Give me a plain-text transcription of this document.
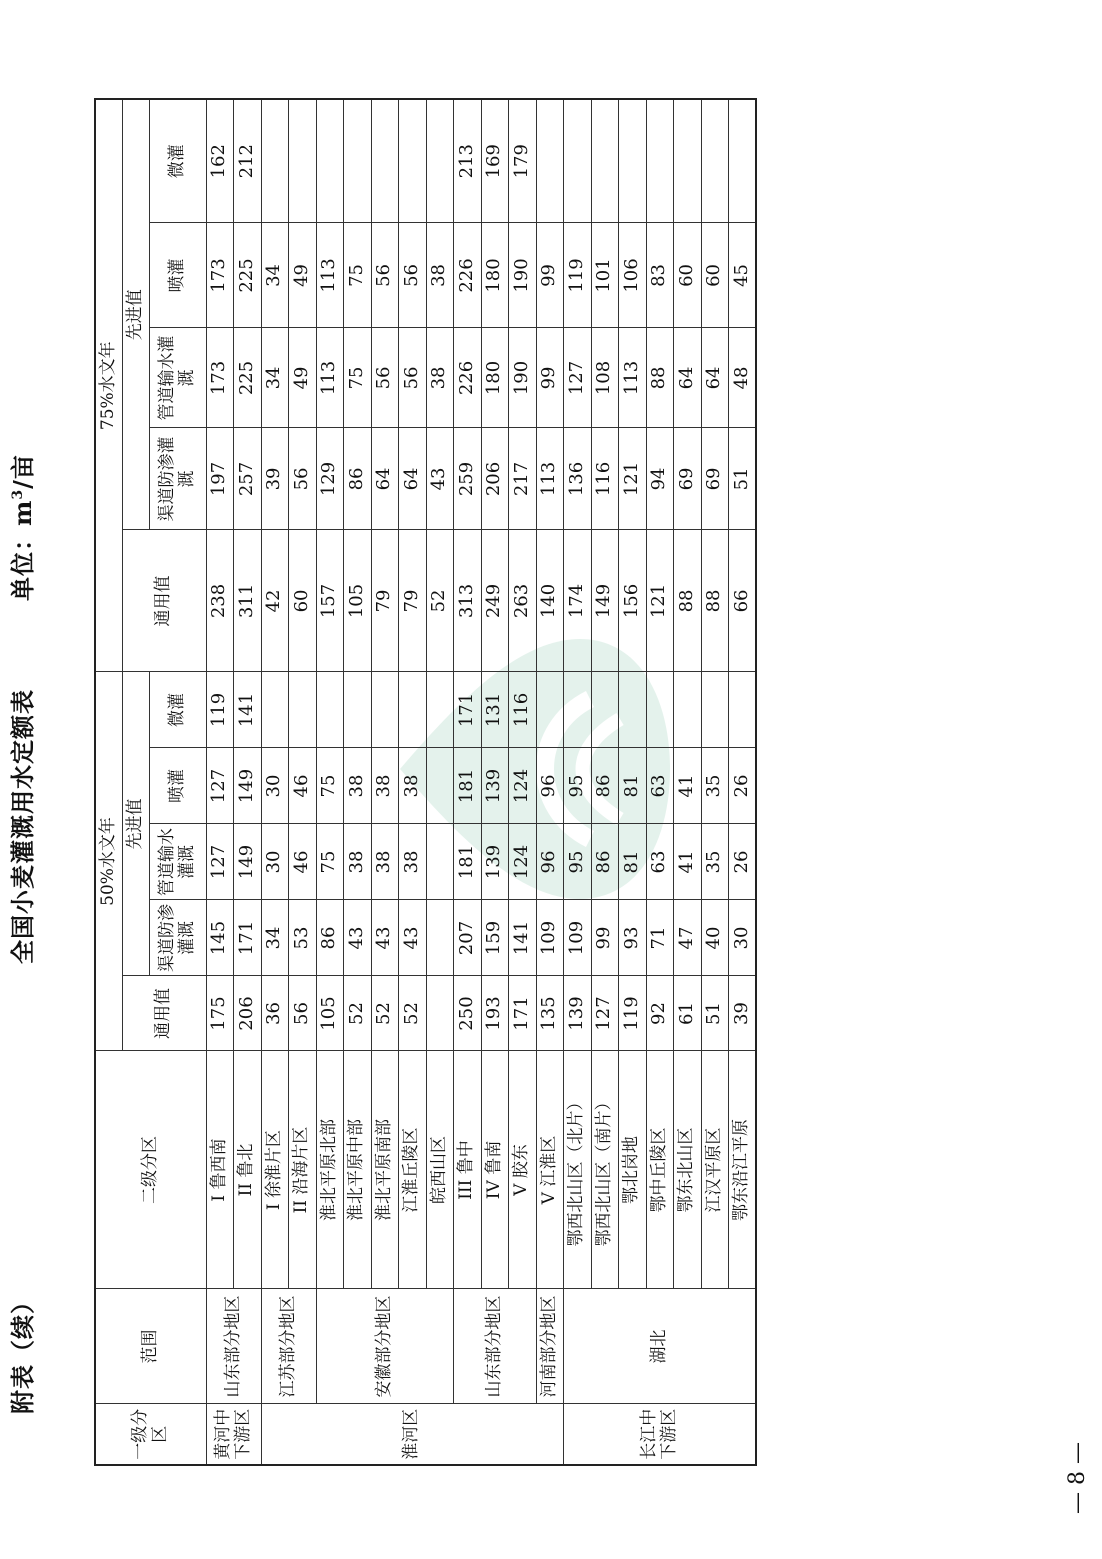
附表（续）
全国小麦灌溉用水定额表
单位：$m^3/$亩
一级分区	范围	二级分区	50%水文年					75%水文年				
			通用值	先进值				通用值	先进值			
				渠道防渗灌溉	管道输水灌溉	喷灌	微灌		渠道防渗灌溉	管道输水灌溉	喷灌	微灌
黄河中下游区	山东部分地区	I 鲁西南	175	145	127	127	119	238	197	173	173	162
		II 鲁北	206	171	149	149	141	311	257	225	225	212
淮河区	江苏部分地区	I 徐淮片区	36	34	30	30		42	39	34	34	
		II 沿海片区	56	53	46	46		60	56	49	49	
	安徽部分地区	淮北平原北部	105	86	75	75		157	129	113	113	
		淮北平原中部	52	43	38	38		105	86	75	75	
		淮北平原南部	52	43	38	38		79	64	56	56	
		江淮丘陵区	52	43	38	38		79	64	56	56	
		皖西山区						52	43	38	38	
	山东部分地区	III 鲁中	250	207	181	181	171	313	259	226	226	213
		IV 鲁南	193	159	139	139	131	249	206	180	180	169
		V 胶东	171	141	124	124	116	263	217	190	190	179
	河南部分地区	V 江淮区	135	109	96	96		140	113	99	99	
长江中下游区	湖北	鄂西北山区（北片）	139	109	95	95		174	136	127	119	
		鄂西北山区（南片）	127	99	86	86		149	116	108	101	
		鄂北岗地	119	93	81	81		156	121	113	106	
		鄂中丘陵区	92	71	63	63		121	94	88	83	
		鄂东北山区	61	47	41	41		88	69	64	60	
		江汉平原区	51	40	35	35		88	69	64	60	
		鄂东沿江平原	39	30	26	26		66	51	48	45	
— 8 —
